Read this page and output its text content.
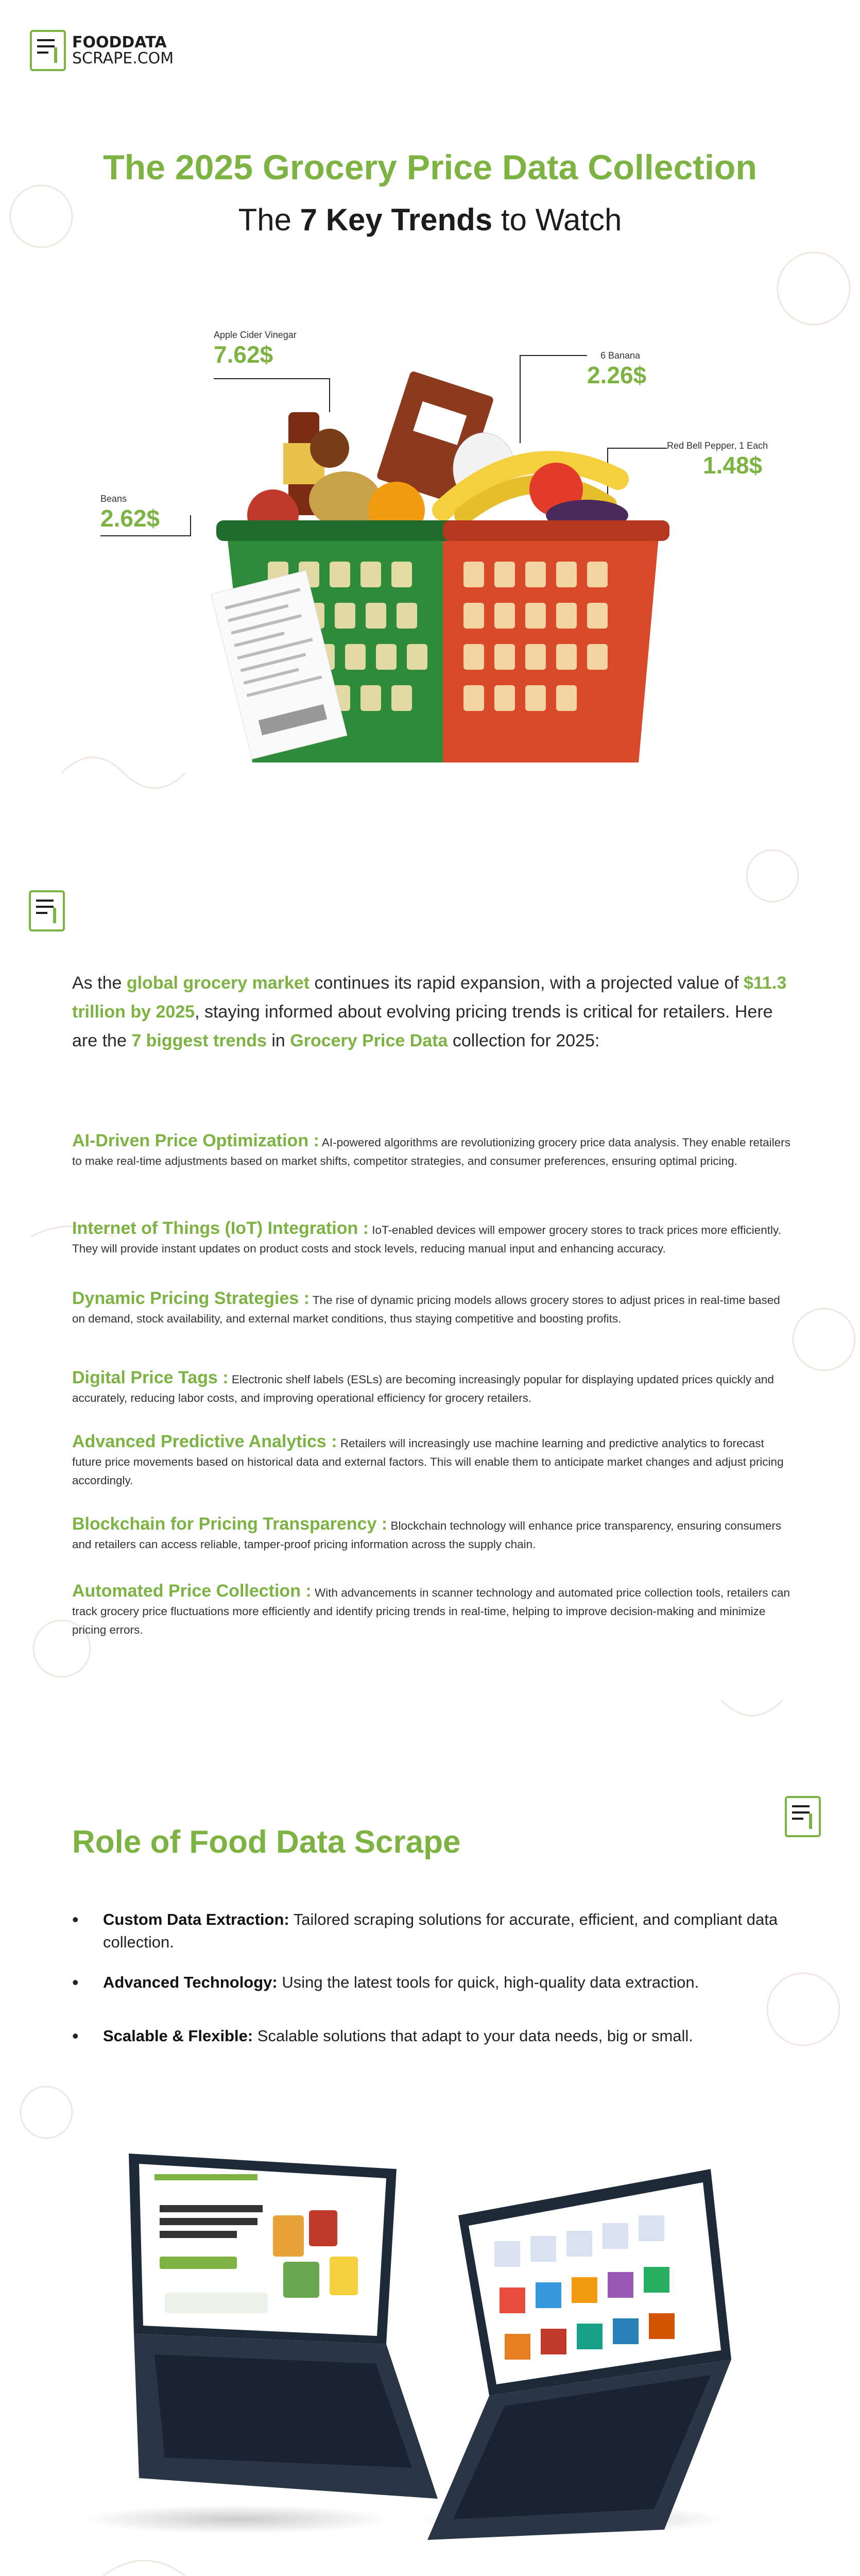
FOODDATA
SCRAPE.COM
The 2025 Grocery Price Data Collection
The 7 Key Trends to Watch
Apple Cider Vinegar
7.62$	6 Banana
2.26$
Red Bell Pepper, 1 Each
1.48$
Beans
2.62$
As the global grocery market continues its rapid expansion, with a projected value of $11.3 trillion by 2025, staying informed about evolving pricing trends is critical for retailers. Here are the 7 biggest trends in Grocery Price Data collection for 2025:
AI-Driven Price Optimization : AI-powered algorithms are revolutionizing grocery price data analysis. They enable retailers to make real-time adjustments based on market shifts, competitor strategies, and consumer preferences, ensuring optimal pricing.
Internet of Things (IoT) Integration : IoT-enabled devices will empower grocery stores to track prices more efficiently. They will provide instant updates on product costs and stock levels, reducing manual input and enhancing accuracy.
Dynamic Pricing Strategies : The rise of dynamic pricing models allows grocery stores to adjust prices in real-time based on demand, stock availability, and external market conditions, thus staying competitive and boosting profits.
Digital Price Tags : Electronic shelf labels (ESLs) are becoming increasingly popular for displaying updated prices quickly and accurately, reducing labor costs, and improving operational efficiency for grocery retailers.
Advanced Predictive Analytics : Retailers will increasingly use machine learning and predictive analytics to forecast future price movements based on historical data and external factors. This will enable them to anticipate market changes and adjust pricing accordingly.
Blockchain for Pricing Transparency : Blockchain technology will enhance price transparency, ensuring consumers and retailers can access reliable, tamper-proof pricing information across the supply chain.
Automated Price Collection : With advancements in scanner technology and automated price collection tools, retailers can track grocery price fluctuations more efficiently and identify pricing trends in real-time, helping to improve decision-making and minimize pricing errors.
Role of Food Data Scrape
• Custom Data Extraction: Tailored scraping solutions for accurate, efficient, and compliant data collection.
• Advanced Technology: Using the latest tools for quick, high-quality data extraction.
• Scalable & Flexible: Scalable solutions that adapt to your data needs, big or small.
